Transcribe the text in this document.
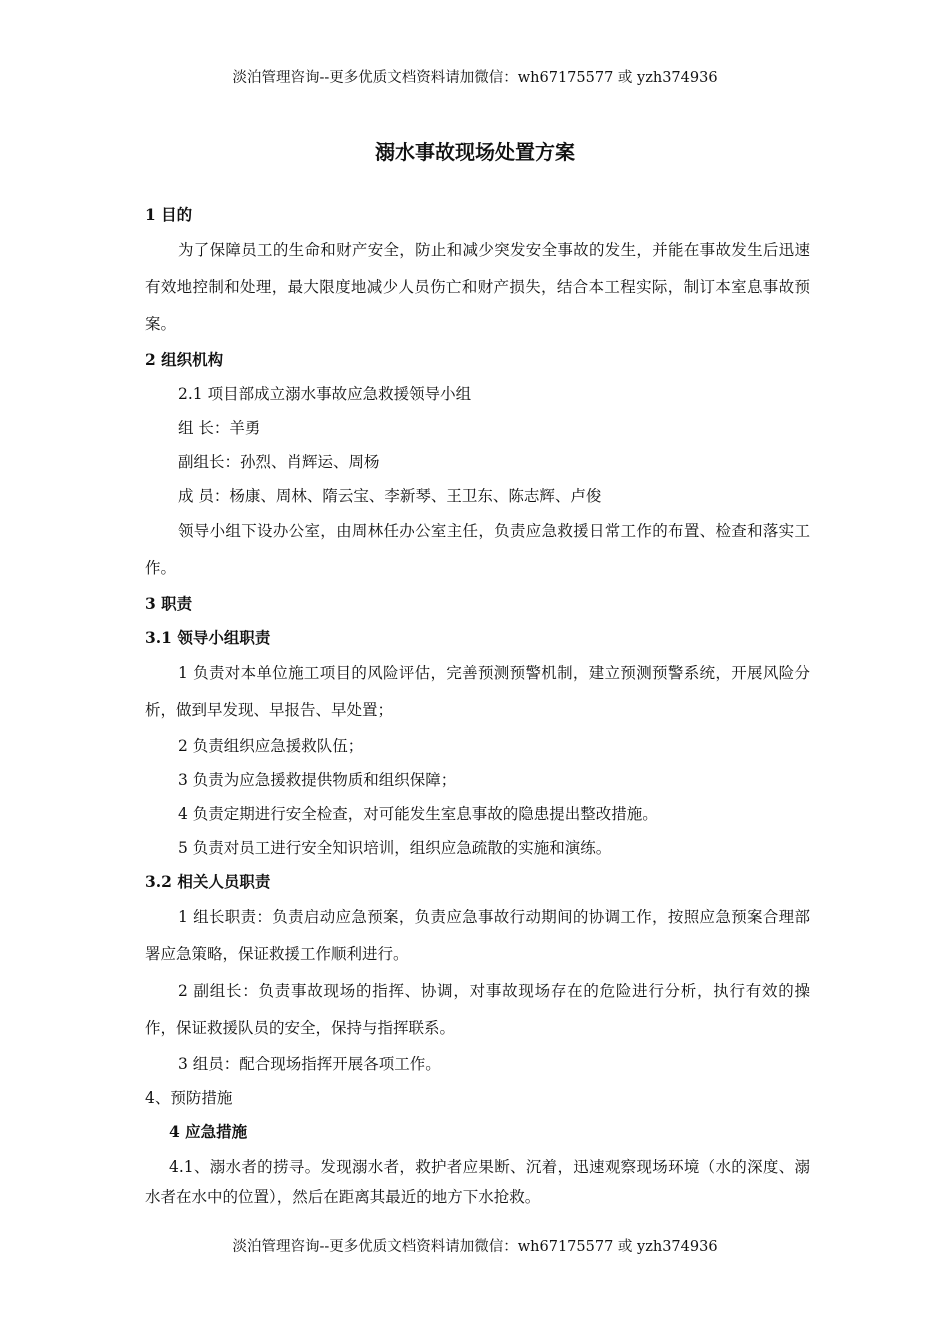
淡泊管理咨询--更多优质文档资料请加微信：wh67175577 或 yzh374936
溺水事故现场处置方案
1 目的

为了保障员工的生命和财产安全，防止和减少突发安全事故的发生，并能在事故发生后迅速有效地控制和处理，最大限度地减少人员伤亡和财产损失，结合本工程实际，制订本室息事故预案。

2 组织机构
2.1 项目部成立溺水事故应急救援领导小组
组 长：羊勇
副组长：孙烈、肖辉运、周杨
成 员：杨康、周林、隋云宝、李新琴、王卫东、陈志辉、卢俊

领导小组下设办公室，由周林任办公室主任，负责应急救援日常工作的布置、检查和落实工作。

3 职责
3.1 领导小组职责

1 负责对本单位施工项目的风险评估，完善预测预警机制，建立预测预警系统，开展风险分析，做到早发现、早报告、早处置；

2 负责组织应急援救队伍；
3 负责为应急援救提供物质和组织保障；
4 负责定期进行安全检查，对可能发生室息事故的隐患提出整改措施。
5 负责对员工进行安全知识培训，组织应急疏散的实施和演练。
3.2 相关人员职责

1 组长职责：负责启动应急预案，负责应急事故行动期间的协调工作，按照应急预案合理部署应急策略，保证救援工作顺利进行。

2 副组长：负责事故现场的指挥、协调，对事故现场存在的危险进行分析，执行有效的操作，保证救援队员的安全，保持与指挥联系。

3 组员：配合现场指挥开展各项工作。
4、预防措施
4 应急措施

4.1、溺水者的捞寻。发现溺水者，救护者应果断、沉着，迅速观察现场环境（水的深度、溺水者在水中的位置），然后在距离其最近的地方下水抢救。

淡泊管理咨询--更多优质文档资料请加微信：wh67175577 或 yzh374936
